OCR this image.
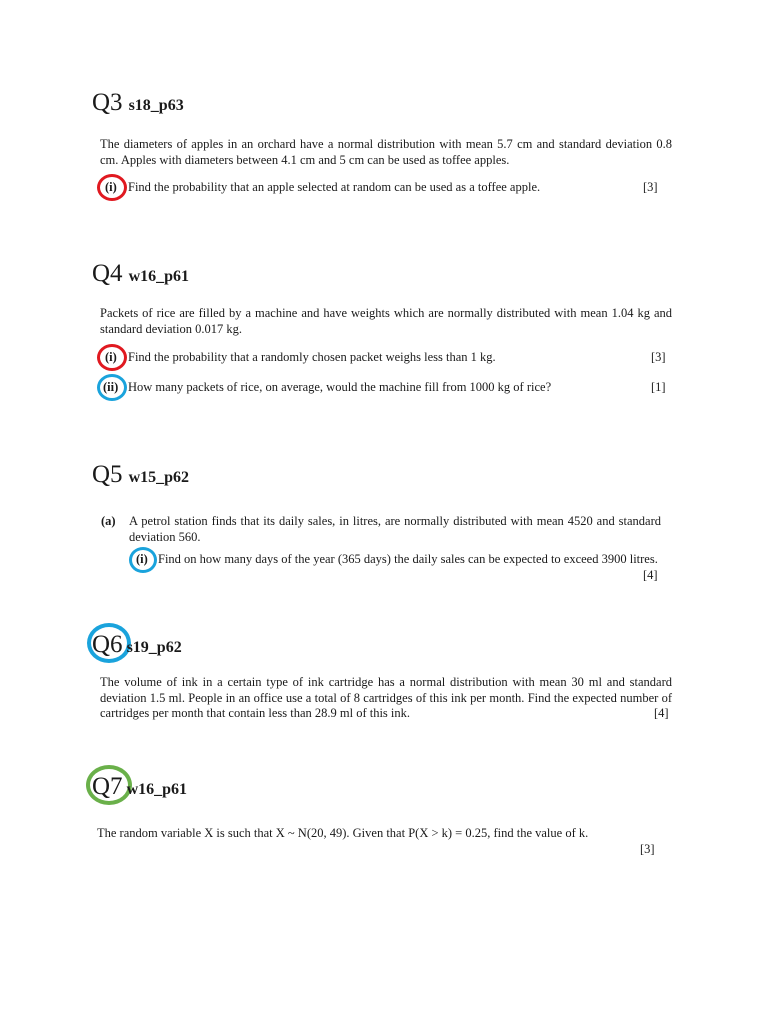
Q3 s18_p63
The diameters of apples in an orchard have a normal distribution with mean 5.7 cm and standard deviation 0.8 cm. Apples with diameters between 4.1 cm and 5 cm can be used as toffee apples.
(i) Find the probability that an apple selected at random can be used as a toffee apple.	[3]
Q4 w16_p61
Packets of rice are filled by a machine and have weights which are normally distributed with mean 1.04 kg and standard deviation 0.017 kg.
(i) Find the probability that a randomly chosen packet weighs less than 1 kg.	[3]
(ii) How many packets of rice, on average, would the machine fill from 1000 kg of rice?	[1]
Q5 w15_p62
(a) A petrol station finds that its daily sales, in litres, are normally distributed with mean 4520 and standard deviation 560.
(i) Find on how many days of the year (365 days) the daily sales can be expected to exceed 3900 litres.
[4]
Q6 s19_p62
The volume of ink in a certain type of ink cartridge has a normal distribution with mean 30 ml and standard deviation 1.5 ml. People in an office use a total of 8 cartridges of this ink per month. Find the expected number of cartridges per month that contain less than 28.9 ml of this ink.	[4]
Q7 w16_p61
The random variable X is such that X ~ N(20, 49). Given that P(X > k) = 0.25, find the value of k.
[3]
